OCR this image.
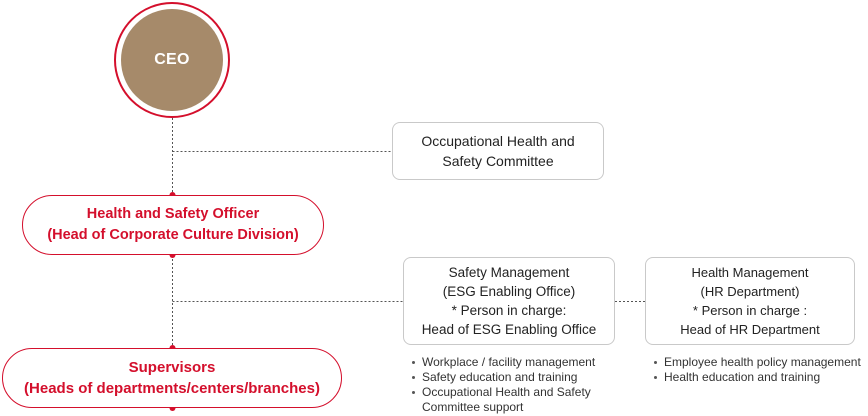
CEO
Health and Safety Officer
(Head of Corporate Culture Division)
Supervisors
(Heads of departments/centers/branches)
Occupational Health and
Safety Committee
Safety Management
(ESG Enabling Office)
* Person in charge:
Head of ESG Enabling Office
Health Management
(HR Department)
* Person in charge :
Head of HR Department
Workplace / facility management
Safety education and training
Occupational Health and Safety
Committee support
Employee health policy management
Health education and training
